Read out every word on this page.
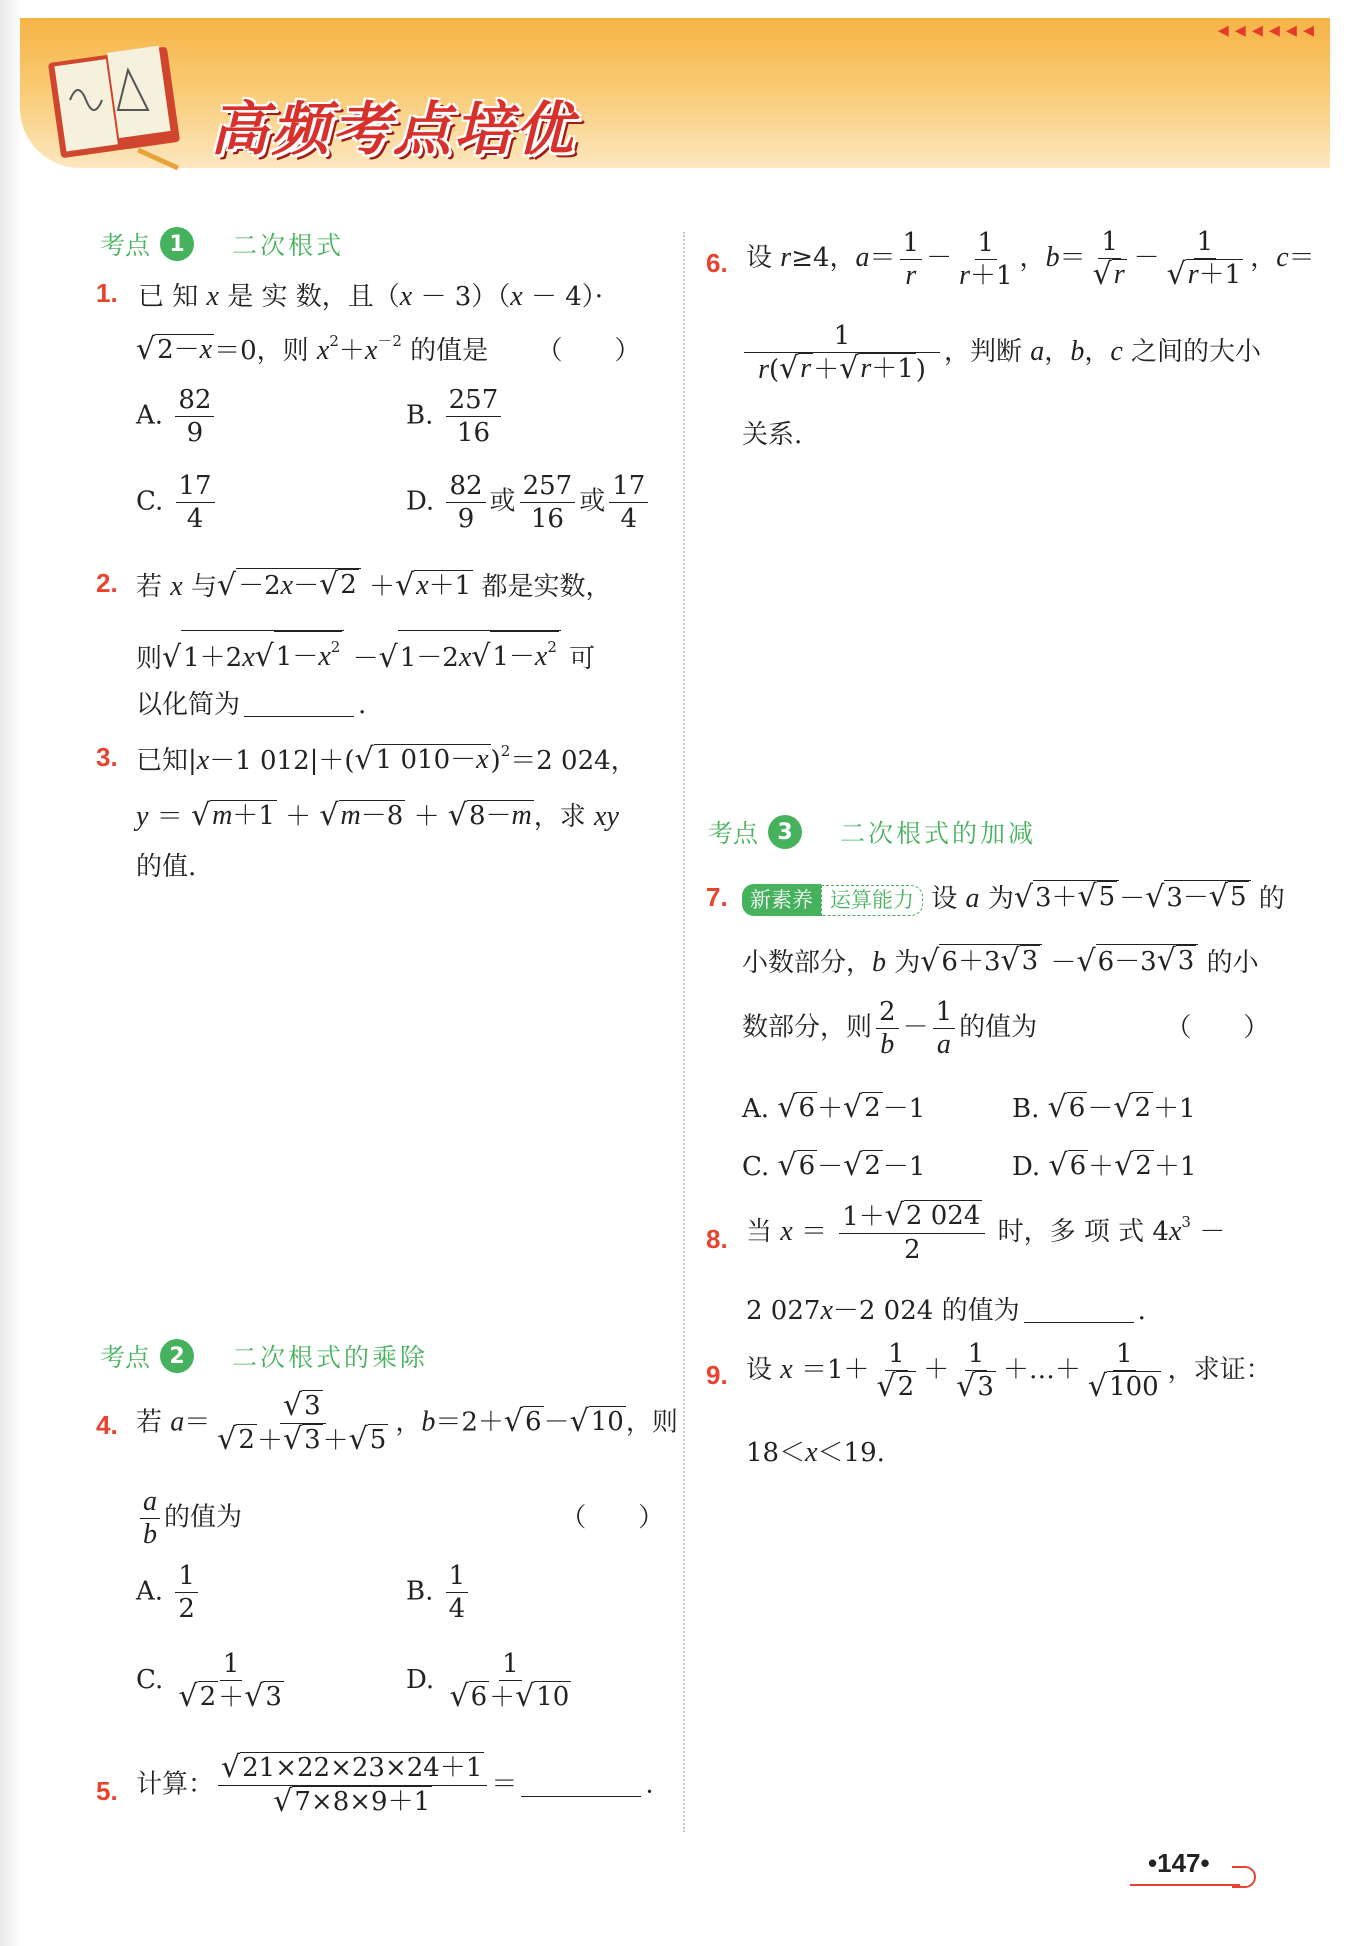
◂◂◂◂◂◂
高频考点培优
考点 1	二次根式
1. 已 知 x 是 实 数，且（x － 3）（x － 4）·
√ 2－x ＝0，则 $x^2+x^{-2}$ 的值是 （　　）
A. $\frac{82}{9}$	B. $\frac{257}{16}$
C. $\frac{17}{4}$	D. $\frac{82}{9}$ 或 $\frac{257}{16}$ 或 $\frac{17}{4}$
2. 若 x 与 √ －2x－ √ 2 ＋ √ x＋1 都是实数，
则 √ 1＋2x √ $1-x^2$ － √ 1－2x √ $1-x^2$ 可
以化简为	.
3. 已知|x－1 012|＋( √ 1 010－x )$^2$＝2 024，
y ＝ √ m＋1 ＋ √ m－8 ＋ √ 8－m ，求 xy
的值.
考点 2	二次根式的乘除
4. 若 $a= \frac{√ 3}{√ 2 + √ 3 + √ 5}$ ，b＝2＋ √ 6 － √ 10 ，则
$\frac{a}{b}$ 的值为	（　　）
A. $\frac{1}{2}$	B. $\frac{1}{4}$
C. $\frac{1}{√ 2 + √ 3}$	D. $\frac{1}{√ 6 + √ 10}$
5. 计算： $\frac{√ 21\times 22\times 23\times 24+1}{√ 7\times 8\times 9+1}$ ＝	.
6. 设 r≥4，$a= \frac{1}{r} - \frac{1}{r+1}$ ，$b= \frac{1}{√ r} - \frac{1}{√ r+1}$ ，c＝
$\frac{1}{r( √ r + √ r+1 )}$ ，判断 a，b，c 之间的大小
关系.
考点 3	二次根式的加减
7.	新素养 运算能力 设 a 为 √ 3＋ √ 5 － √ 3－ √ 5 的
小数部分，b 为 √ 6＋3 √ 3 － √ 6－3 √ 3 的小
数部分，则 $\frac{2}{b} - \frac{1}{a}$ 的值为	（　　）
A. √ 6 ＋ √ 2 －1	B. √ 6 － √ 2 ＋1
C. √ 6 － √ 2 －1	D. √ 6 ＋ √ 2 ＋1
8. 当 $x = \frac{1+ √ 2 024}{2}$ 时，多 项 式 $4x^3$ －
2 027x－2 024 的值为	.
9. 设 $x =1+ \frac{1}{√ 2} + \frac{1}{√ 3}$ ＋…＋ $\frac{1}{√ 100}$ ，求证：
18＜x＜19.
•147•
